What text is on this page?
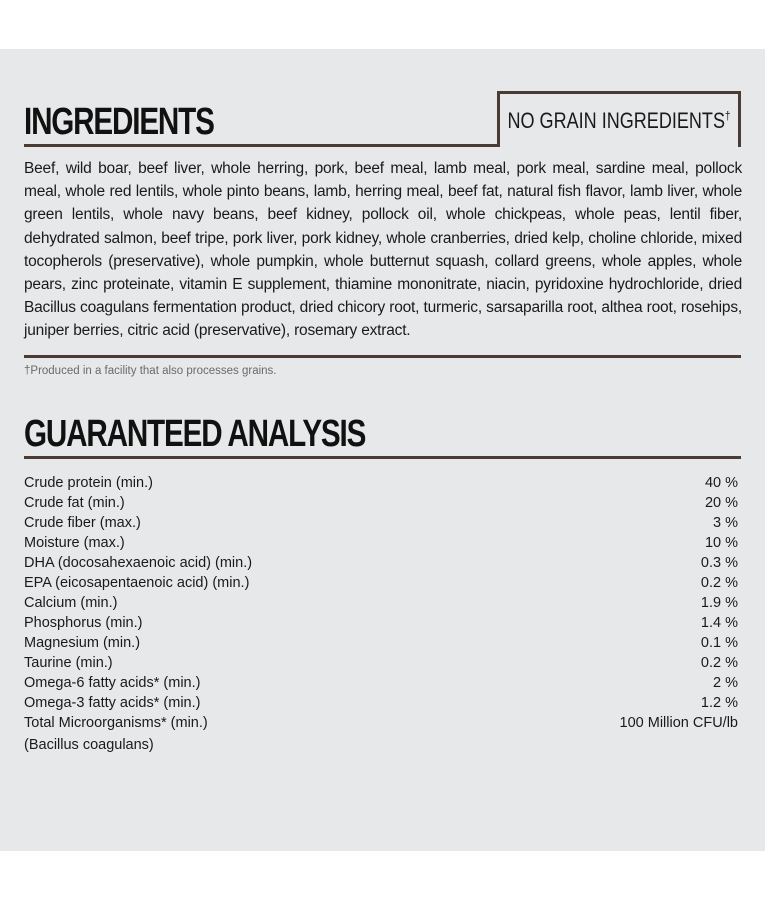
INGREDIENTS	NO GRAIN INGREDIENTS†

Beef, wild boar, beef liver, whole herring, pork, beef meal, lamb meal, pork meal, sardine meal, pollock meal, whole red lentils, whole pinto beans, lamb, herring meal, beef fat, natural fish flavor, lamb liver, whole green lentils, whole navy beans, beef kidney, pollock oil, whole chickpeas, whole peas, lentil fiber, dehydrated salmon, beef tripe, pork liver, pork kidney, whole cranberries, dried kelp, choline chloride, mixed tocopherols (preservative), whole pumpkin, whole butternut squash, collard greens, whole apples, whole pears, zinc proteinate, vitamin E supplement, thiamine mononitrate, niacin, pyridoxine hydrochloride, dried Bacillus coagulans fermentation product, dried chicory root, turmeric, sarsaparilla root, althea root, rosehips, juniper berries, citric acid (preservative), rosemary extract.

†Produced in a facility that also processes grains.

GUARANTEED ANALYSIS
Crude protein (min.)	40 %
Crude fat (min.)	20 %
Crude fiber (max.)	3 %
Moisture (max.)	10 %
DHA (docosahexaenoic acid) (min.)	0.3 %
EPA (eicosapentaenoic acid) (min.)	0.2 %
Calcium (min.)	1.9 %
Phosphorus (min.)	1.4 %
Magnesium (min.)	0.1 %
Taurine (min.)	0.2 %
Omega-6 fatty acids* (min.)	2 %
Omega-3 fatty acids* (min.)	1.2 %
Total Microorganisms* (min.)	100 Million CFU/lb
(Bacillus coagulans)
